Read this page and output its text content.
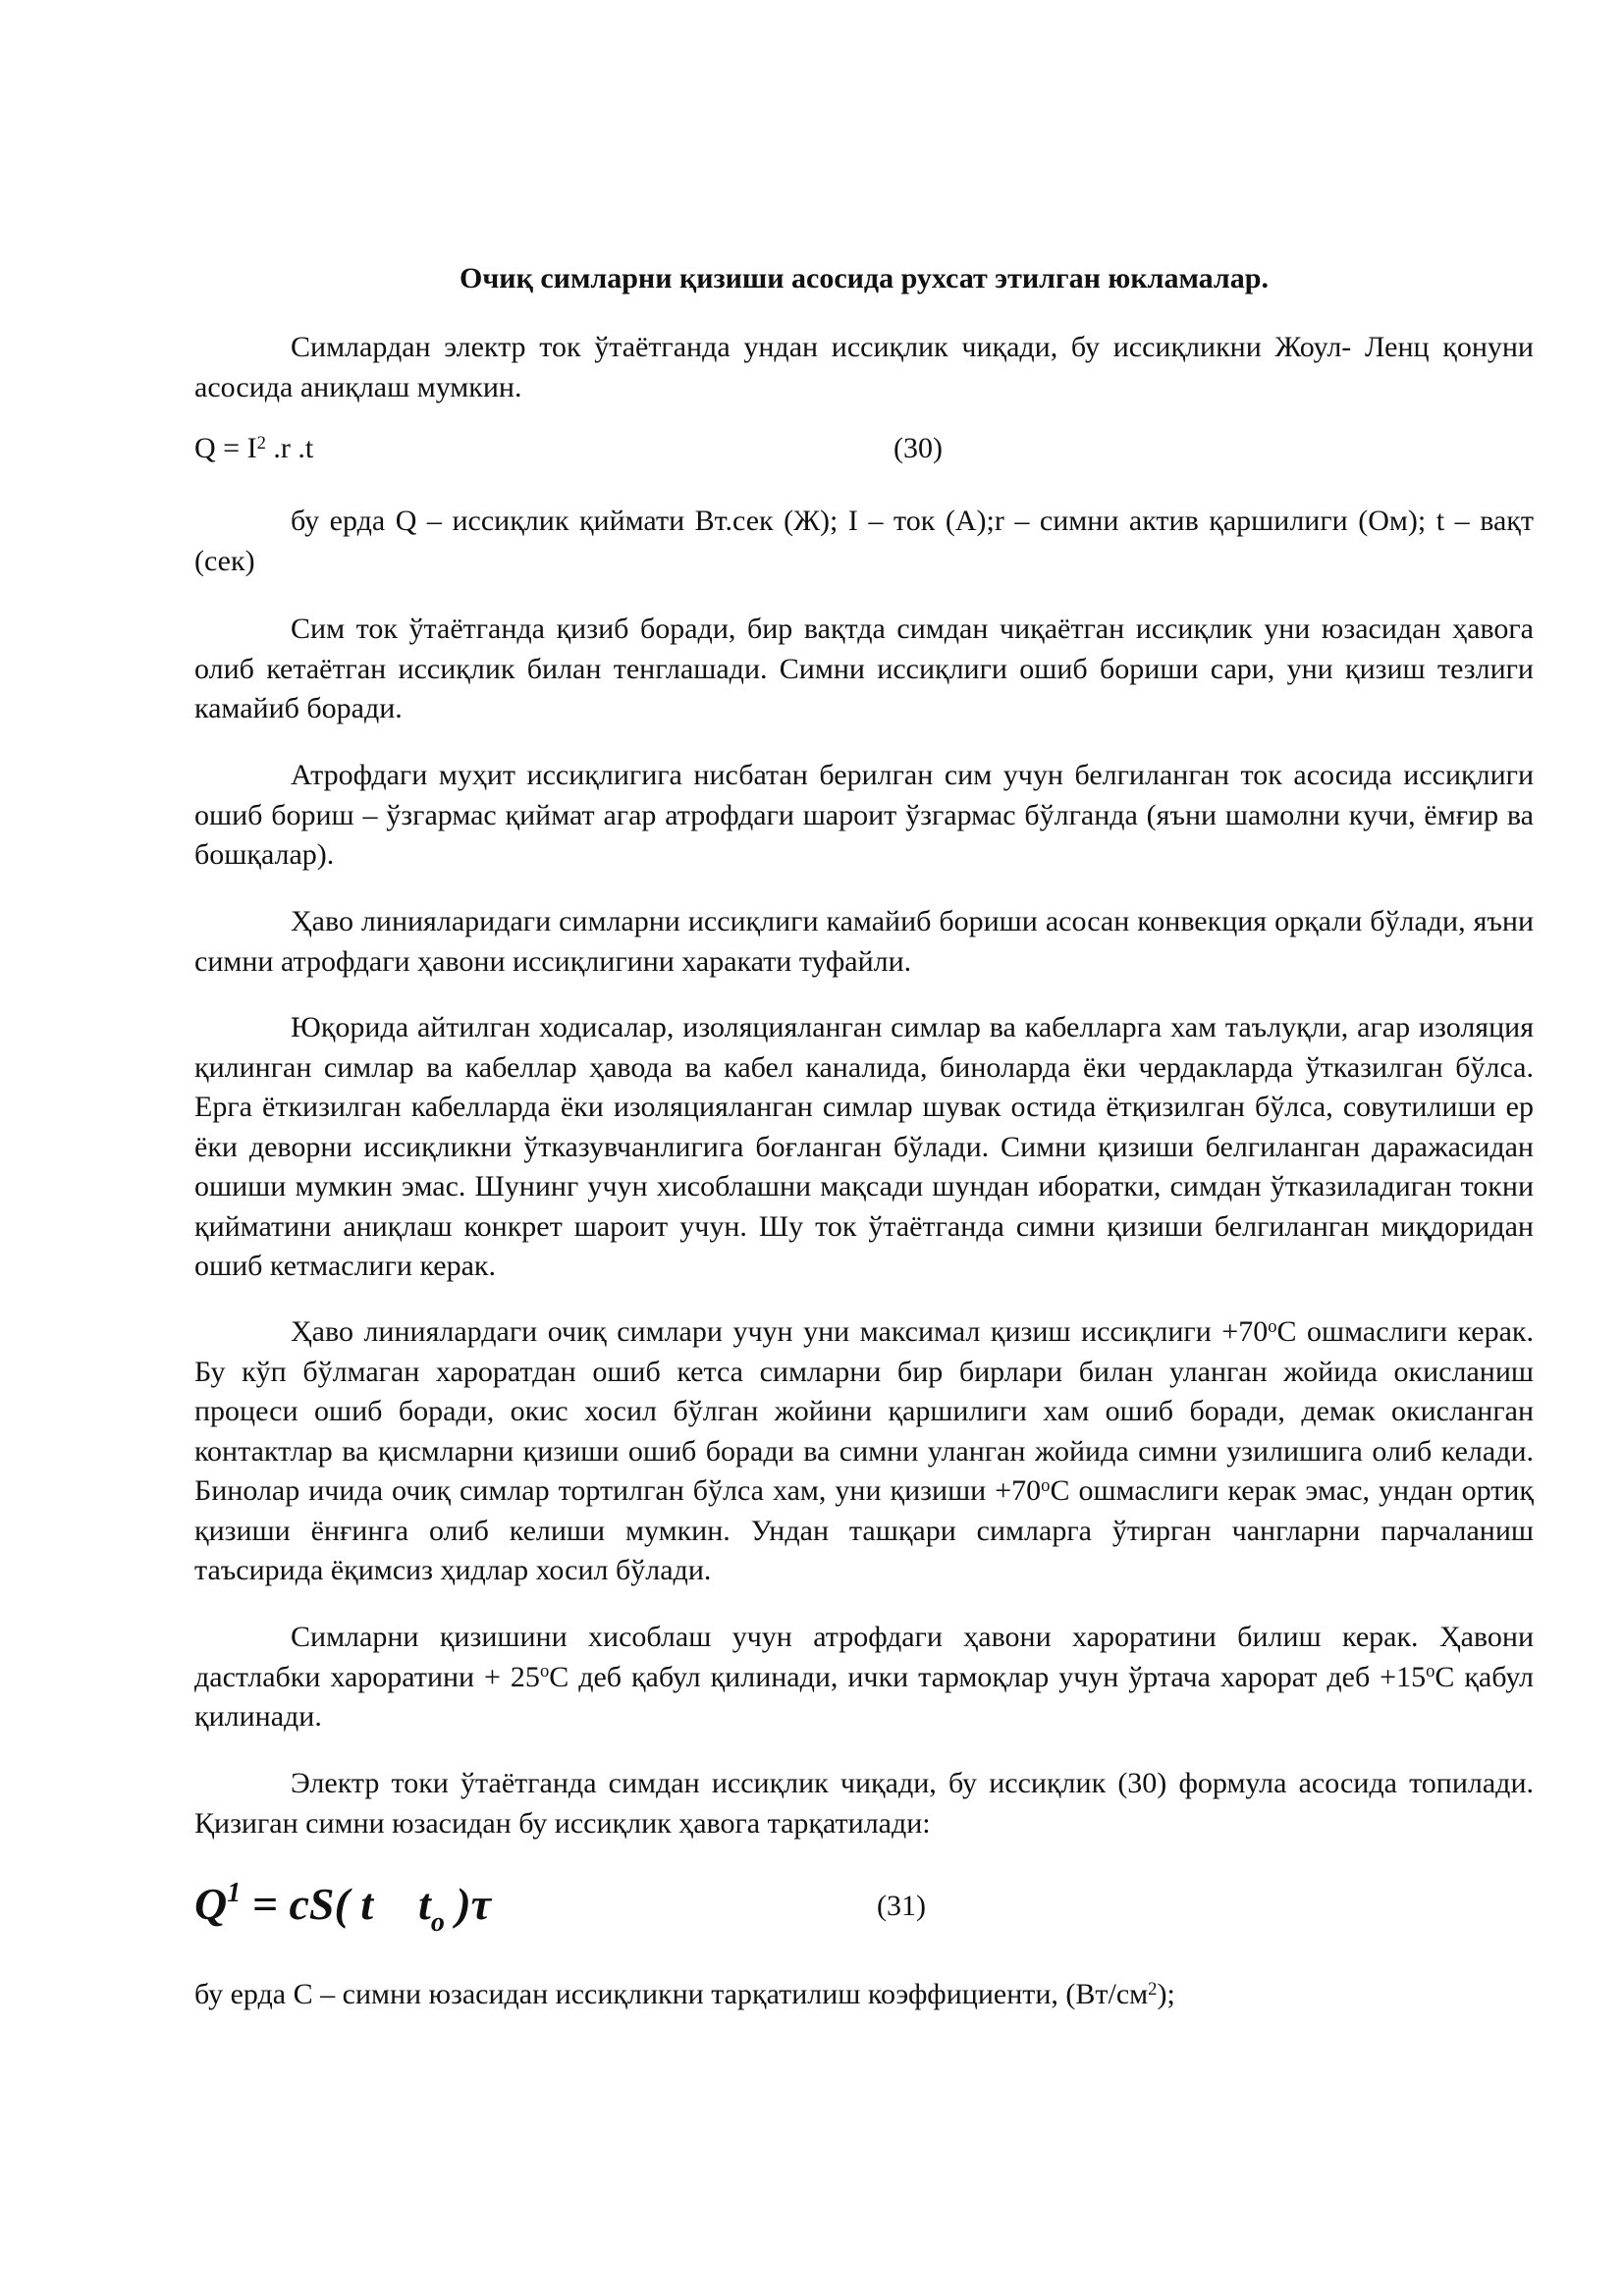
Очиқ симларни қизиши асосида рухсат этилган юкламалар.

Симлардан электр ток ўтаётганда ундан иссиқлик чиқади, бу иссиқликни Жоул- Ленц қонуни асосида аниқлаш мумкин.

$Q = I^2$ .r .t	(30)

бу ерда Q – иссиқлик қиймати Вт.сек (Ж); I – ток (А);r – симни актив қаршилиги (Ом); t – вақт (сек)

Сим ток ўтаётганда қизиб боради, бир вақтда симдан чиқаётган иссиқлик уни юзасидан ҳавога олиб кетаётган иссиқлик билан тенглашади. Симни иссиқлиги ошиб бориши сари, уни қизиш тезлиги камайиб боради.

Атрофдаги муҳит иссиқлигига нисбатан берилган сим учун белгиланган ток асосида иссиқлиги ошиб бориш – ўзгармас қиймат агар атрофдаги шароит ўзгармас бўлганда (яъни шамолни кучи, ёмғир ва бошқалар).

Ҳаво линияларидаги симларни иссиқлиги камайиб бориши асосан конвекция орқали бўлади, яъни симни атрофдаги ҳавони иссиқлигини харакати туфайли.

Юқорида айтилган ходисалар, изоляцияланган симлар ва кабелларга хам таълуқли, агар изоляция қилинган симлар ва кабеллар ҳавода ва кабел каналида, биноларда ёки чердакларда ўтказилган бўлса. Ерга ёткизилган кабелларда ёки изоляцияланган симлар шувак остида ётқизилган бўлса, совутилиши ер ёки деворни иссиқликни ўтказувчанлигига боғланган бўлади. Симни қизиши белгиланган даражасидан ошиши мумкин эмас. Шунинг учун хисоблашни мақсади шундан иборатки, симдан ўтказиладиган токни қийматини аниқлаш конкрет шароит учун. Шу ток ўтаётганда симни қизиши белгиланган миқдоридан ошиб кетмаслиги керак.

Ҳаво линиялардаги очиқ симлари учун уни максимал қизиш иссиқлиги $+70^оС$ ошмаслиги керак. Бу кўп бўлмаган хароратдан ошиб кетса симларни бир бирлари билан уланган жойида окисланиш процеси ошиб боради, окис хосил бўлган жойини қаршилиги хам ошиб боради, демак окисланган контактлар ва қисмларни қизиши ошиб боради ва симни уланган жойида симни узилишига олиб келади. Бинолар ичида очиқ симлар тортилган бўлса хам, уни қизиши $+70^оС$ ошмаслиги керак эмас, ундан ортиқ қизиши ёнғинга олиб келиши мумкин. Ундан ташқари симларга ўтирган чангларни парчаланиш таъсирида ёқимсиз ҳидлар хосил бўлади.

Симларни қизишини хисоблаш учун атрофдаги ҳавони хароратини билиш керак. Ҳавони дастлабки хароратини + $25^оС$ деб қабул қилинади, ички тармоқлар учун ўртача харорат деб $+15^оС$ қабул қилинади.

Электр токи ўтаётганда симдан иссиқлик чиқади, бу иссиқлик (30) формула асосида топилади. Қизиган симни юзасидан бу иссиқлик ҳавога тарқатилади:

$Q^1 = cS$( t    $t_o$ )τ	(31)

бу ерда С – симни юзасидан иссиқликни тарқатилиш коэффициенти, $(Вт/см^2)$;
